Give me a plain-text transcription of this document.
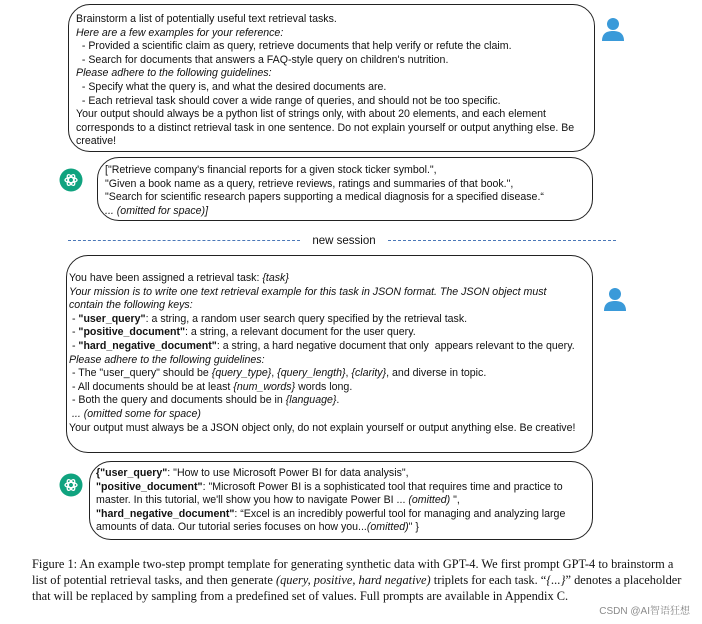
Brainstorm a list of potentially useful text retrieval tasks.
Here are a few examples for your reference:
- Provided a scientific claim as query, retrieve documents that help verify or refute the claim.
- Search for documents that answers a FAQ-style query on children's nutrition.
Please adhere to the following guidelines:
- Specify what the query is, and what the desired documents are.
- Each retrieval task should cover a wide range of queries, and should not be too specific.
Your output should always be a python list of strings only, with about 20 elements, and each element
corresponds to a distinct retrieval task in one sentence. Do not explain yourself or output anything else. Be
creative!
["Retrieve company's financial reports for a given stock ticker symbol.",
"Given a book name as a query, retrieve reviews, ratings and summaries of that book.",
"Search for scientific research papers supporting a medical diagnosis for a specified disease.“
... (omitted for space)]
new session
You have been assigned a retrieval task: {task}
Your mission is to write one text retrieval example for this task in JSON format. The JSON object must
contain the following keys:
- "user_query": a string, a random user search query specified by the retrieval task.
- "positive_document": a string, a relevant document for the user query.
- "hard_negative_document": a string, a hard negative document that only  appears relevant to the query.
Please adhere to the following guidelines:
- The "user_query" should be {query_type}, {query_length}, {clarity}, and diverse in topic.
- All documents should be at least {num_words} words long.
- Both the query and documents should be in {language}.
... (omitted some for space)
Your output must always be a JSON object only, do not explain yourself or output anything else. Be creative!
{"user_query": "How to use Microsoft Power BI for data analysis",
"positive_document": "Microsoft Power BI is a sophisticated tool that requires time and practice to
master. In this tutorial, we'll show you how to navigate Power BI ... (omitted) ",
"hard_negative_document": “Excel is an incredibly powerful tool for managing and analyzing large
amounts of data. Our tutorial series focuses on how you...(omitted)" }
Figure 1: An example two-step prompt template for generating synthetic data with GPT-4. We first prompt GPT-4 to brainstorm a list of potential retrieval tasks, and then generate (query, positive, hard negative) triplets for each task. “{...}” denotes a placeholder that will be replaced by sampling from a predefined set of values. Full prompts are available in Appendix C.
CSDN @AI智语狂想
